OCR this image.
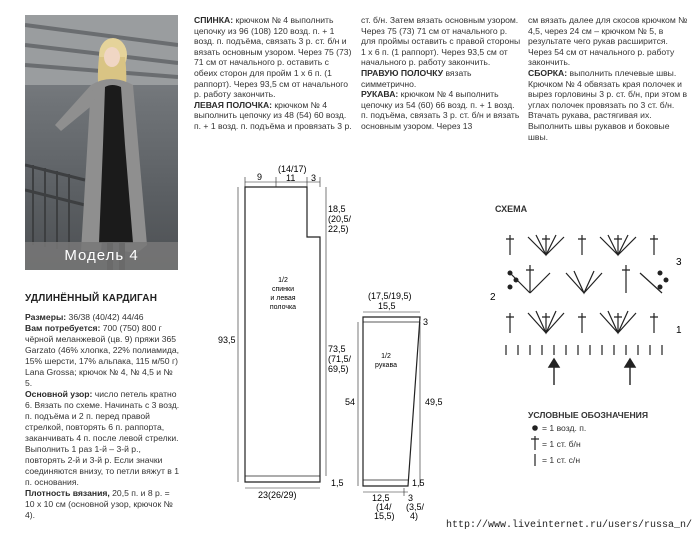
Модель 4
УДЛИНЁННЫЙ КАРДИГАН
Размеры: 36/38 (40/42) 44/46
Вам потребуется: 700 (750) 800 г чёрной меланжевой (цв. 9) пряжи 365 Garzato (46% хлопка, 22% полиамида, 15% шерсти, 17% альпака, 115 м/50 г) Lana Grossa; крючок № 4, № 4,5 и № 5.
Основной узор: число петель кратно 6. Вязать по схеме. Начинать с 3 возд. п. подъёма и 2 п. перед правой стрелкой, повторять 6 п. раппорта, заканчивать 4 п. после левой стрелки. Выполнить 1 раз 1-й – 3-й р., повторять 2-й и 3-й р. Если значки соединяются внизу, то петли вяжут в 1 п. основания.
Плотность вязания, 20,5 п. и 8 р. = 10 х 10 см (основной узор, крючок № 4).
СПИНКА: крючком № 4 выполнить цепочку из 96 (108) 120 возд. п. + 1 возд. п. подъёма, связать 3 р. ст. б/н и вязать основным узором. Через 75 (73) 71 см от начального р. оставить с обеих сторон для пройм 1 х 6 п. (1 раппорт). Через 93,5 см от начального р. работу закончить.
ЛЕВАЯ ПОЛОЧКА: крючком № 4 выполнить цепочку из 48 (54) 60 возд. п. + 1 возд. п. подъёма и провязать 3 р.
ст. б/н. Затем вязать основным узором. Через 75 (73) 71 см от начального р. для проймы оставить с правой стороны 1 х 6 п. (1 раппорт). Через 93,5 см от начального р. работу закончить.
ПРАВУЮ ПОЛОЧКУ вязать симметрично.
РУКАВА: крючком № 4 выполнить цепочку из 54 (60) 66 возд. п. + 1 возд. п. подъёма, связать 3 р. ст. б/н и вязать основным узором. Через 13
см вязать далее для скосов крючком № 4,5, через 24 см – крючком № 5, в результате чего рукав расширится. Через 54 см от начального р. работу закончить.
СБОРКА: выполнить плечевые швы. Крючком № 4 обвязать края полочек и вырез горловины 3 р. ст. б/н, при этом в углах полочек провязать по 3 ст. б/н. Втачать рукава, растягивая их. Выполнить швы рукавов и боковые швы.
9
(14/17)
11 3
18,5
(20,5/
22,5)
73,5
(71,5/
69,5)
93,5
1/2
спинки
и левая
полочка
1,5
23(26/29)
(17,5/19,5)
15,5
3
1/2
рукава
54	49,5
1,5
12,5
(14/
15,5)
3
(3,5/
4)
СХЕМА
3
2
1
УСЛОВНЫЕ ОБОЗНАЧЕНИЯ
= 1 возд. п.
= 1 ст. б/н
= 1 ст. с/н
http://www.liveinternet.ru/users/russa_n/
